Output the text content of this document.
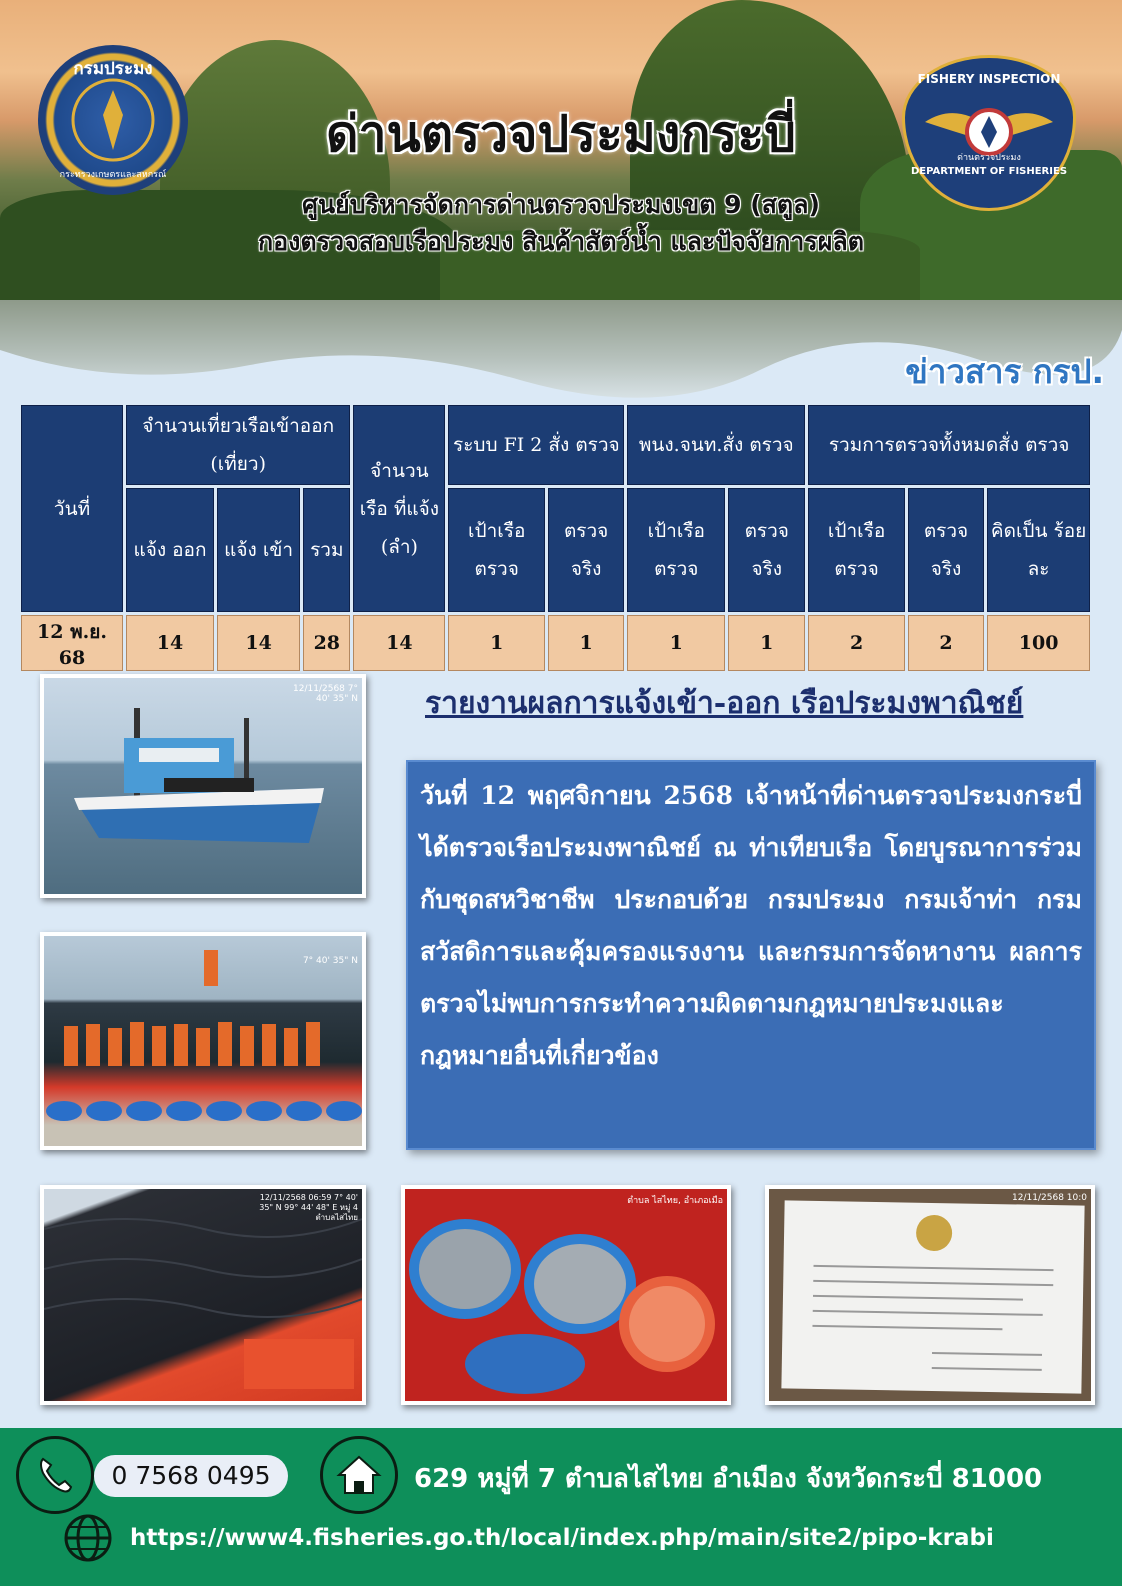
กรมประมง
กระทรวงเกษตรและสหกรณ์
FISHERY INSPECTION
ด่านตรวจประมง
DEPARTMENT OF FISHERIES
ด่านตรวจประมงกระบี่
ศูนย์บริหารจัดการด่านตรวจประมงเขต 9 (สตูล)
กองตรวจสอบเรือประมง สินค้าสัตว์น้ำ และปัจจัยการผลิต
ข่าวสาร กรป.
วันที่	จำนวนเที่ยวเรือเข้าออก (เที่ยว)			จำนวน เรือ ที่แจ้ง (ลำ)	ระบบ FI 2 สั่ง ตรวจ		พนง.จนท.สั่ง ตรวจ		รวมการตรวจทั้งหมดสั่ง ตรวจ		
	แจ้ง ออก	แจ้ง เข้า	รวม		เป้าเรือ ตรวจ	ตรวจ จริง	เป้าเรือ ตรวจ	ตรวจ จริง	เป้าเรือ ตรวจ	ตรวจ จริง	คิดเป็น ร้อยละ
12 พ.ย. 68	14	14	28	14	1	1	1	1	2	2	100
12/11/2568 7° 40' 35" N
7° 40' 35" N
12/11/2568 06:59 7° 40' 35" N 99° 44' 48" E หมู่ 4 ตำบลไสไทย
ตำบล ไสไทย, อำเภอเมือ	12/11/2568 10:0
รายงานผลการแจ้งเข้า-ออก เรือประมงพาณิชย์
วันที่ 12 พฤศจิกายน 2568 เจ้าหน้าที่ด่านตรวจประมงกระบี่ ได้ตรวจเรือประมงพาณิชย์ ณ ท่าเทียบเรือ โดยบูรณาการร่วมกับชุดสหวิชาชีพ ประกอบด้วย กรมประมง กรมเจ้าท่า กรมสวัสดิการและคุ้มครองแรงงาน และกรมการจัดหางาน ผลการตรวจไม่พบการกระทำความผิดตามกฎหมายประมงและกฎหมายอื่นที่เกี่ยวข้อง
0 7568 0495	629 หมู่ที่ 7 ตำบลไสไทย อำเมือง จังหวัดกระบี่ 81000
https://www4.fisheries.go.th/local/index.php/main/site2/pipo-krabi
